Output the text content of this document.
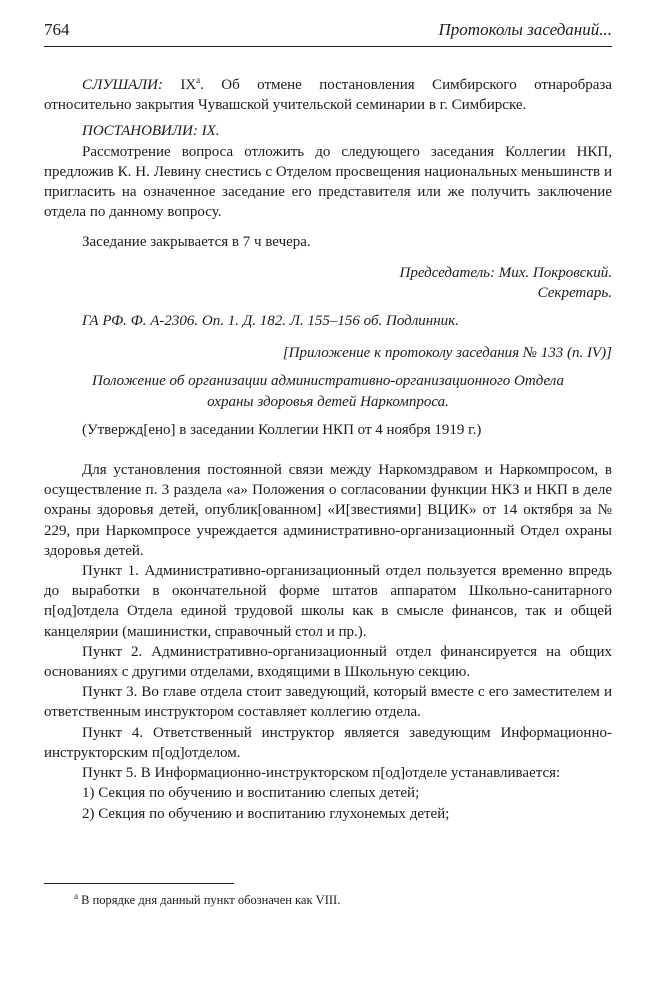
764	Протоколы заседаний...

СЛУШАЛИ: $IX^а$. Об отмене постановления Симбирского отнаробраза относительно закрытия Чувашской учительской семинарии в г. Симбирске.

ПОСТАНОВИЛИ: IX.

Рассмотрение вопроса отложить до следующего заседания Коллегии НКП, предложив К. Н. Левину снестись с Отделом просвещения национальных меньшинств и пригласить на означенное заседание его представителя или же получить заключение отдела по данному вопросу.

Заседание закрывается в 7 ч вечера.

Председатель: Мих. Покровский.

Секретарь.

ГА РФ. Ф. А-2306. Оп. 1. Д. 182. Л. 155–156 об. Подлинник.

[Приложение к протоколу заседания № 133 (п. IV)]

Положение об организации административно-организационного Отдела охраны здоровья детей Наркомпроса.

(Утвержд[ено] в заседании Коллегии НКП от 4 ноября 1919 г.)

Для установления постоянной связи между Наркомздравом и Наркомпросом, в осуществление п. 3 раздела «а» Положения о согласовании функции НКЗ и НКП в деле охраны здоровья детей, опублик[ованном] «И[звестиями] ВЦИК» от 14 октября за № 229, при Наркомпросе учреждается административно-организационный Отдел охраны здоровья детей.

Пункт 1. Административно-организационный отдел пользуется временно впредь до выработки в окончательной форме штатов аппаратом Школьно-санитарного п[од]отдела Отдела единой трудовой школы как в смысле финансов, так и общей канцелярии (машинистки, справочный стол и пр.).

Пункт 2. Административно-организационный отдел финансируется на общих основаниях с другими отделами, входящими в Школьную секцию.

Пункт 3. Во главе отдела стоит заведующий, который вместе с его заместителем и ответственным инструктором составляет коллегию отдела.

Пункт 4. Ответственный инструктор является заведующим Информационно-инструкторским п[од]отделом.

Пункт 5. В Информационно-инструкторском п[од]отделе устанавливается:

1) Секция по обучению и воспитанию слепых детей;

2) Секция по обучению и воспитанию глухонемых детей;

$^а$ В порядке дня данный пункт обозначен как VIII.
